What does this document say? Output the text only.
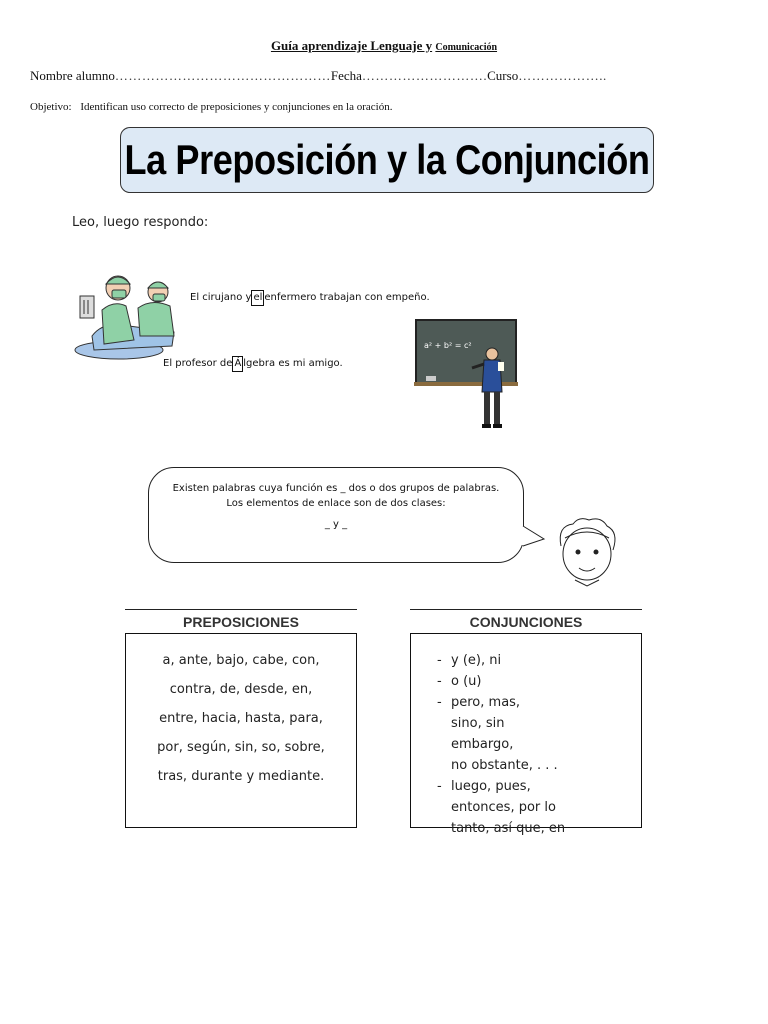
Guía aprendizaje Lenguaje y Comunicación
Nombre alumno…………………………………………Fecha……………………….Curso………………..
Objetivo: Identifican uso correcto de preposiciones y conjunciones en la oración.
La Preposición y la Conjunción
Leo, luego respondo:
El cirujano y el enfermero trabajan con empeño.
El profesor de Á lgebra es mi amigo.
a² + b² = c²
Existen palabras cuya función es _ dos o dos grupos de palabras.
Los elementos de enlace son de dos clases:
_ y _
PREPOSICIONES
a, ante, bajo, cabe, con,
contra, de, desde, en,
entre, hacia, hasta, para,
por, según, sin, so, sobre,
tras, durante y mediante.
CONJUNCIONES
- y (e), ni
- o (u)
- pero, mas,
sino, sin
embargo,
no obstante, . . .
- luego, pues,
entonces, por lo
tanto, así que, en
